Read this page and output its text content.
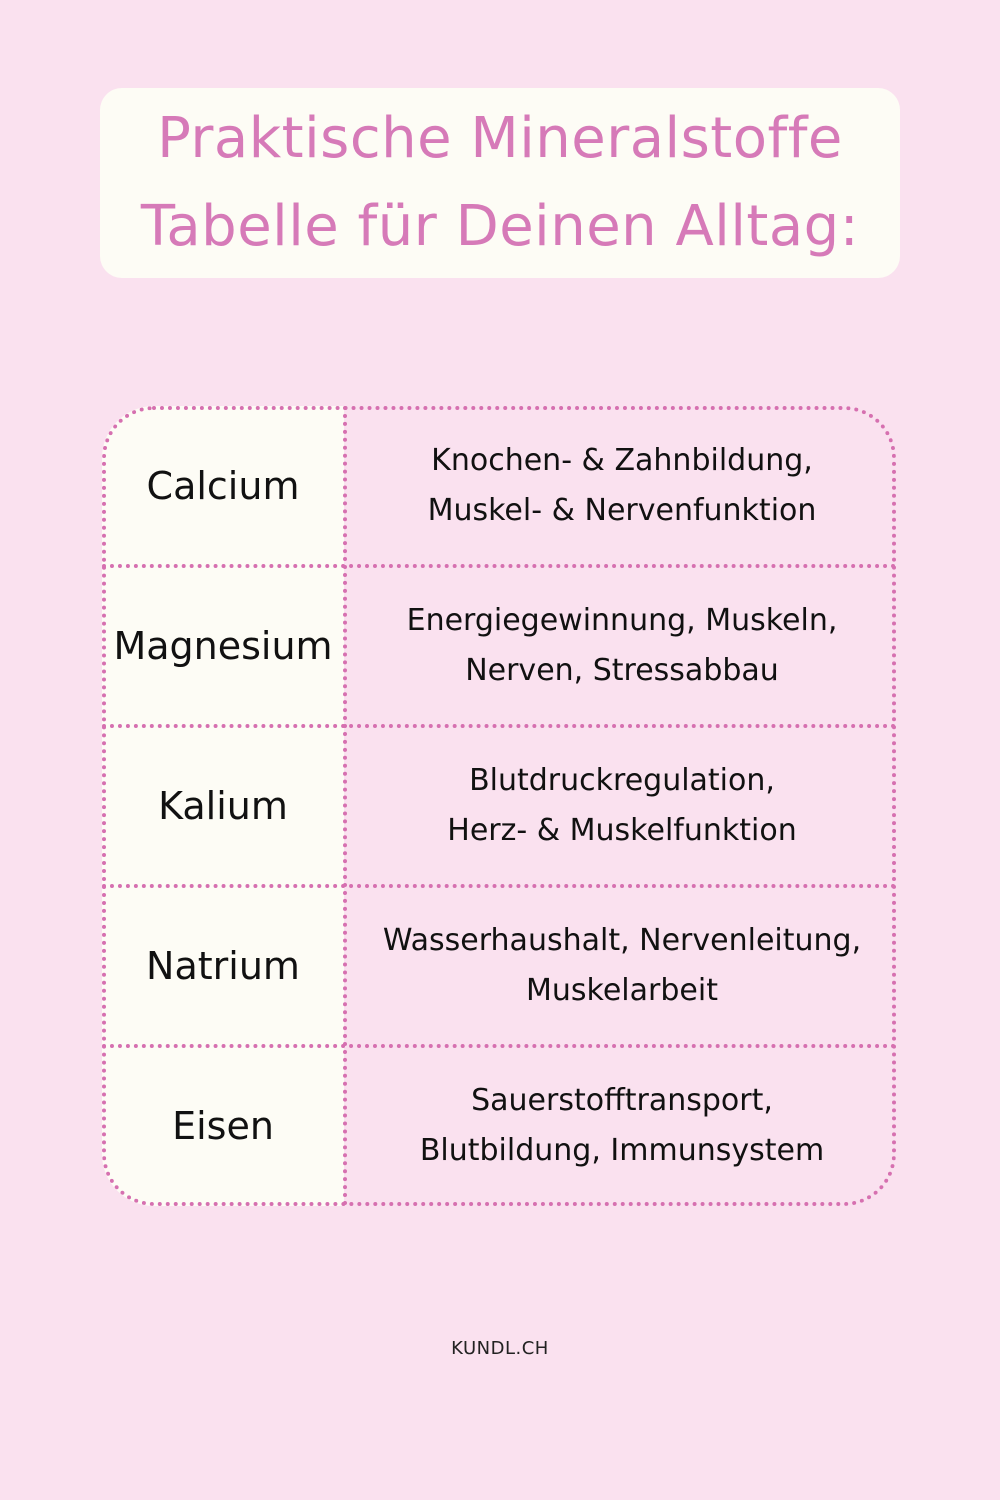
Praktische Mineralstoffe
Tabelle für Deinen Alltag:
Calcium
Knochen- & Zahnbildung,
Muskel- & Nervenfunktion
Magnesium
Energiegewinnung, Muskeln,
Nerven, Stressabbau
Kalium
Blutdruckregulation,
Herz- & Muskelfunktion
Natrium
Wasserhaushalt, Nervenleitung,
Muskelarbeit
Eisen
Sauerstofftransport,
Blutbildung, Immunsystem
KUNDL.CH
